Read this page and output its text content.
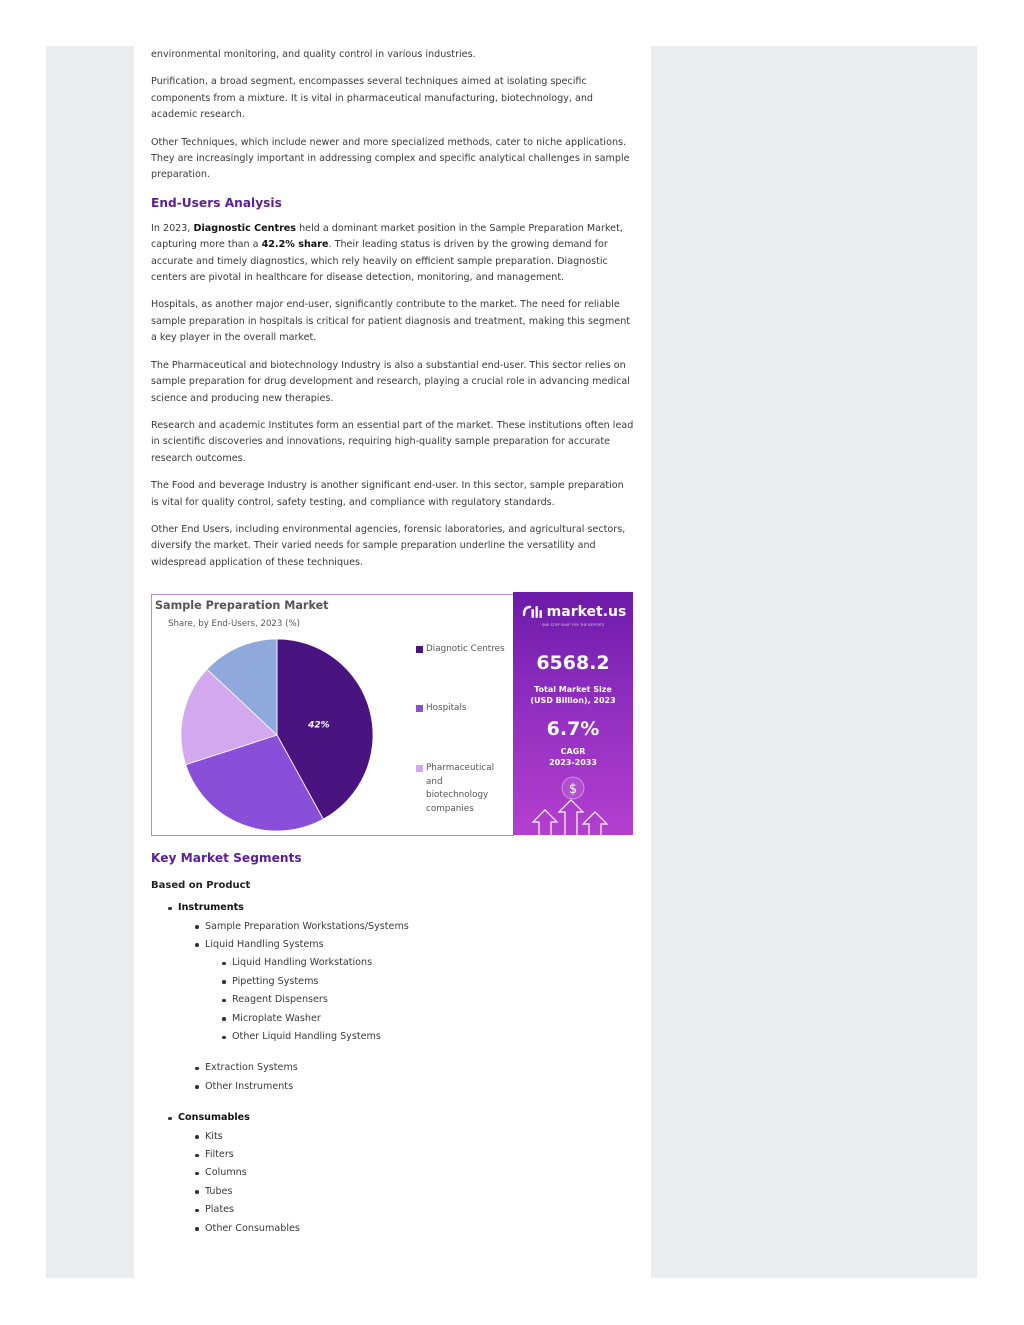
environmental monitoring, and quality control in various industries.

Purification, a broad segment, encompasses several techniques aimed at isolating specific components from a mixture. It is vital in pharmaceutical manufacturing, biotechnology, and academic research.

Other Techniques, which include newer and more specialized methods, cater to niche applications. They are increasingly important in addressing complex and specific analytical challenges in sample preparation.

End-Users Analysis

In 2023, Diagnostic Centres held a dominant market position in the Sample Preparation Market, capturing more than a 42.2% share. Their leading status is driven by the growing demand for accurate and timely diagnostics, which rely heavily on efficient sample preparation. Diagnostic centers are pivotal in healthcare for disease detection, monitoring, and management.

Hospitals, as another major end-user, significantly contribute to the market. The need for reliable sample preparation in hospitals is critical for patient diagnosis and treatment, making this segment a key player in the overall market.

The Pharmaceutical and biotechnology Industry is also a substantial end-user. This sector relies on sample preparation for drug development and research, playing a crucial role in advancing medical science and producing new therapies.

Research and academic Institutes form an essential part of the market. These institutions often lead in scientific discoveries and innovations, requiring high-quality sample preparation for accurate research outcomes.

The Food and beverage Industry is another significant end-user. In this sector, sample preparation is vital for quality control, safety testing, and compliance with regulatory standards.

Other End Users, including environmental agencies, forensic laboratories, and agricultural sectors, diversify the market. Their varied needs for sample preparation underline the versatility and widespread application of these techniques.

Sample Preparation Market
Share, by End-Users, 2023 (%)
42%
Diagnotic Centres
Hospitals
Pharmaceutical and biotechnology companies
market.us
ONE STOP SHOP FOR THE REPORTS
6568.2
Total Market Size
(USD Billion), 2023
6.7%
CAGR
2023-2033
$
Key Market Segments
Based on Product
Instruments
Sample Preparation Workstations/Systems
Liquid Handling Systems
Liquid Handling Workstations
Pipetting Systems
Reagent Dispensers
Microplate Washer
Other Liquid Handling Systems
Extraction Systems
Other Instruments
Consumables
Kits
Filters
Columns
Tubes
Plates
Other Consumables
